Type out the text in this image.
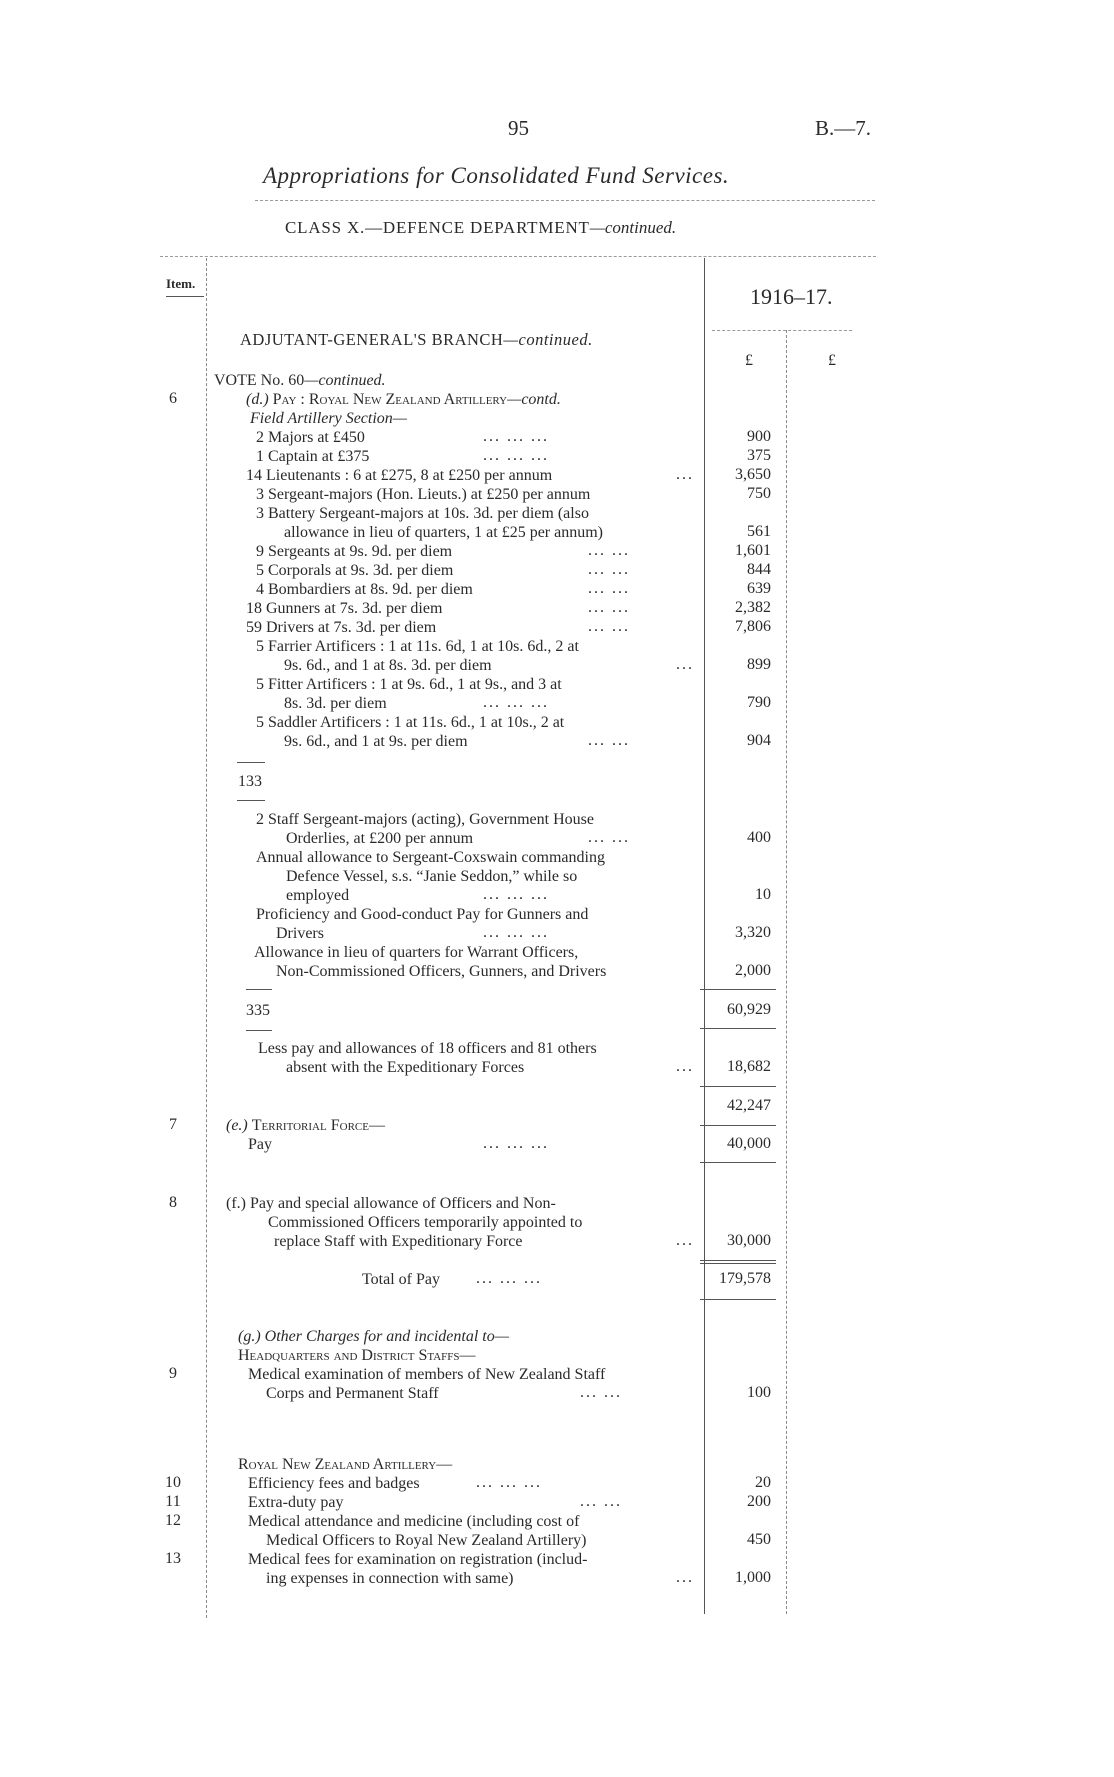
95	B.—7.
Appropriations for Consolidated Fund Services.
CLASS X.—DEFENCE DEPARTMENT—continued.
Item.
1916–17.
£	£
ADJUTANT-GENERAL'S BRANCH—continued.
VOTE No. 60—continued.
6	(d.) Pay : Royal New Zealand Artillery—contd.
Field Artillery Section—
2 Majors at £450	... ... ...	900
1 Captain at £375	... ... ...	375
14 Lieutenants : 6 at £275, 8 at £250 per annum	...	3,650
3 Sergeant-majors (Hon. Lieuts.) at £250 per annum	750
3 Battery Sergeant-majors at 10s. 3d. per diem (also
allowance in lieu of quarters, 1 at £25 per annum)	561
9 Sergeants at 9s. 9d. per diem	... ...	1,601
5 Corporals at 9s. 3d. per diem	... ...	844
4 Bombardiers at 8s. 9d. per diem	... ...	639
18 Gunners at 7s. 3d. per diem	... ...	2,382
59 Drivers at 7s. 3d. per diem	... ...	7,806
5 Farrier Artificers : 1 at 11s. 6d, 1 at 10s. 6d., 2 at
9s. 6d., and 1 at 8s. 3d. per diem	...	899
5 Fitter Artificers : 1 at 9s. 6d., 1 at 9s., and 3 at
8s. 3d. per diem	... ... ...	790
5 Saddler Artificers : 1 at 11s. 6d., 1 at 10s., 2 at
9s. 6d., and 1 at 9s. per diem	... ...	904
133
2 Staff Sergeant-majors (acting), Government House
Orderlies, at £200 per annum	... ...	400
Annual allowance to Sergeant-Coxswain commanding
Defence Vessel, s.s. “Janie Seddon,” while so
employed	... ... ...	10
Proficiency and Good-conduct Pay for Gunners and
Drivers	... ... ...	3,320
Allowance in lieu of quarters for Warrant Officers,
Non-Commissioned Officers, Gunners, and Drivers	2,000
335	60,929
Less pay and allowances of 18 officers and 81 others
absent with the Expeditionary Forces	...	18,682
42,247
7	(e.) Territorial Force—
Pay	... ... ...	40,000
8	(f.) Pay and special allowance of Officers and Non-
Commissioned Officers temporarily appointed to
replace Staff with Expeditionary Force	...	30,000
Total of Pay ... ... ...	179,578
(g.) Other Charges for and incidental to—
Headquarters and District Staffs—
9	Medical examination of members of New Zealand Staff
Corps and Permanent Staff	... ...	100
Royal New Zealand Artillery—
10	Efficiency fees and badges	... ... ...	20
11	Extra-duty pay	... ...	200
12	Medical attendance and medicine (including cost of
Medical Officers to Royal New Zealand Artillery)	450
13	Medical fees for examination on registration (includ-
ing expenses in connection with same)	...	1,000
